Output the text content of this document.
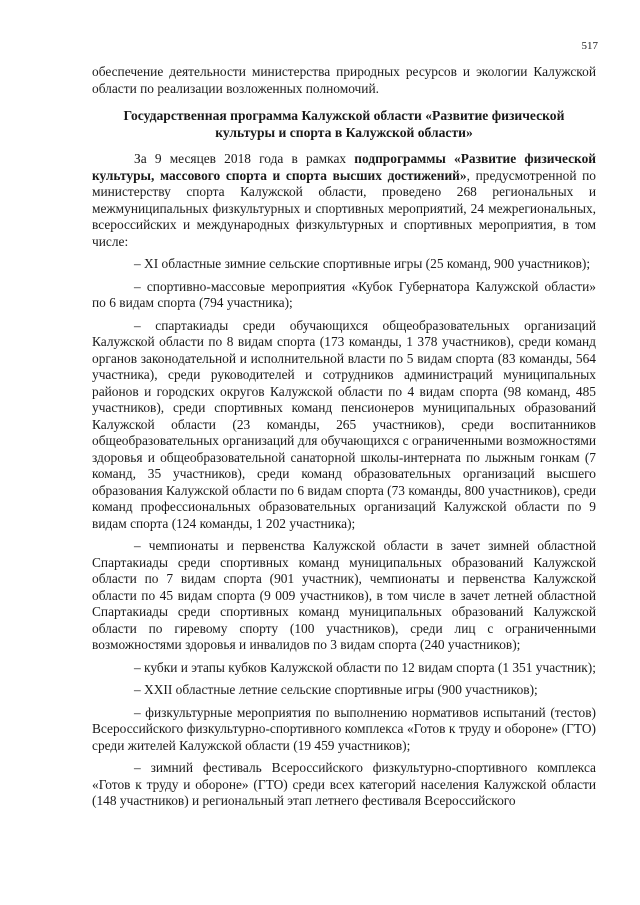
517

обеспечение деятельности министерства природных ресурсов и экологии Калужской области по реализации возложенных полномочий.

Государственная программа Калужской области «Развитие физической культуры и спорта в Калужской области»

За 9 месяцев 2018 года в рамках подпрограммы «Развитие физической культуры, массового спорта и спорта высших достижений», предусмотренной по министерству спорта Калужской области, проведено 268 региональных и межмуниципальных физкультурных и спортивных мероприятий, 24 межрегиональных, всероссийских и международных физкультурных и спортивных мероприятия, в том числе:

– XI областные зимние сельские спортивные игры (25 команд, 900 участников);

– спортивно-массовые мероприятия «Кубок Губернатора Калужской области» по 6 видам спорта (794 участника);

– спартакиады среди обучающихся общеобразовательных организаций Калужской области по 8 видам спорта (173 команды, 1 378 участников), среди команд органов законодательной и исполнительной власти по 5 видам спорта (83 команды, 564 участника), среди руководителей и сотрудников администраций муниципальных районов и городских округов Калужской области по 4 видам спорта (98 команд, 485 участников), среди спортивных команд пенсионеров муниципальных образований Калужской области (23 команды, 265 участников), среди воспитанников общеобразовательных организаций для обучающихся с ограниченными возможностями здоровья и общеобразовательной санаторной школы-интерната по лыжным гонкам (7 команд, 35 участников), среди команд образовательных организаций высшего образования Калужской области по 6 видам спорта (73 команды, 800 участников), среди команд профессиональных образовательных организаций Калужской области по 9 видам спорта (124 команды, 1 202 участника);

– чемпионаты и первенства Калужской области в зачет зимней областной Спартакиады среди спортивных команд муниципальных образований Калужской области по 7 видам спорта (901 участник), чемпионаты и первенства Калужской области по 45 видам спорта (9 009 участников), в том числе в зачет летней областной Спартакиады среди спортивных команд муниципальных образований Калужской области по гиревому спорту (100 участников), среди лиц с ограниченными возможностями здоровья и инвалидов по 3 видам спорта (240 участников);

– кубки и этапы кубков Калужской области по 12 видам спорта (1 351 участник);

– XXII областные летние сельские спортивные игры (900 участников);

– физкультурные мероприятия по выполнению нормативов испытаний (тестов) Всероссийского физкультурно-спортивного комплекса «Готов к труду и обороне» (ГТО) среди жителей Калужской области (19 459 участников);

– зимний фестиваль Всероссийского физкультурно-спортивного комплекса «Готов к труду и обороне» (ГТО) среди всех категорий населения Калужской области (148 участников) и региональный этап летнего фестиваля Всероссийского
